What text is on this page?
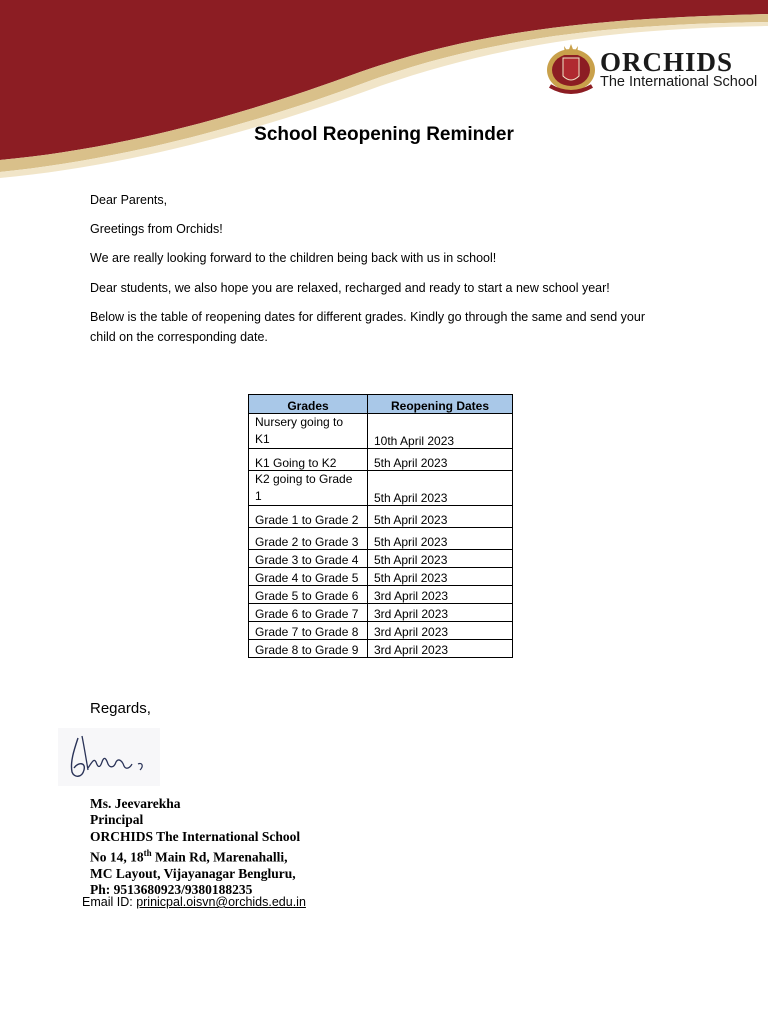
ORCHIDS
The International School
School Reopening Reminder
Dear Parents,
Greetings from Orchids!
We are really looking forward to the children being back with us in school!
Dear students, we also hope you are relaxed, recharged and ready to start a new school year!
Below is the table of reopening dates for different grades. Kindly go through the same and send your child on the corresponding date.
Grades	Reopening Dates
Nursery going to K1	10th April 2023
K1 Going to K2	5th April 2023
K2 going to Grade 1	5th April 2023
Grade 1 to Grade 2	5th April 2023
Grade 2 to Grade 3	5th April 2023
Grade 3 to Grade 4	5th April 2023
Grade 4 to Grade 5	5th April 2023
Grade 5 to Grade 6	3rd April 2023
Grade 6 to Grade 7	3rd April 2023
Grade 7 to Grade 8	3rd April 2023
Grade 8 to Grade 9	3rd April 2023
Regards,
Ms. Jeevarekha
Principal
ORCHIDS The International School
No 14, 18th Main Rd, Marenahalli,
MC Layout, Vijayanagar Bengluru,
Ph: 9513680923/9380188235
Email ID: prinicpal.oisvn@orchids.edu.in
